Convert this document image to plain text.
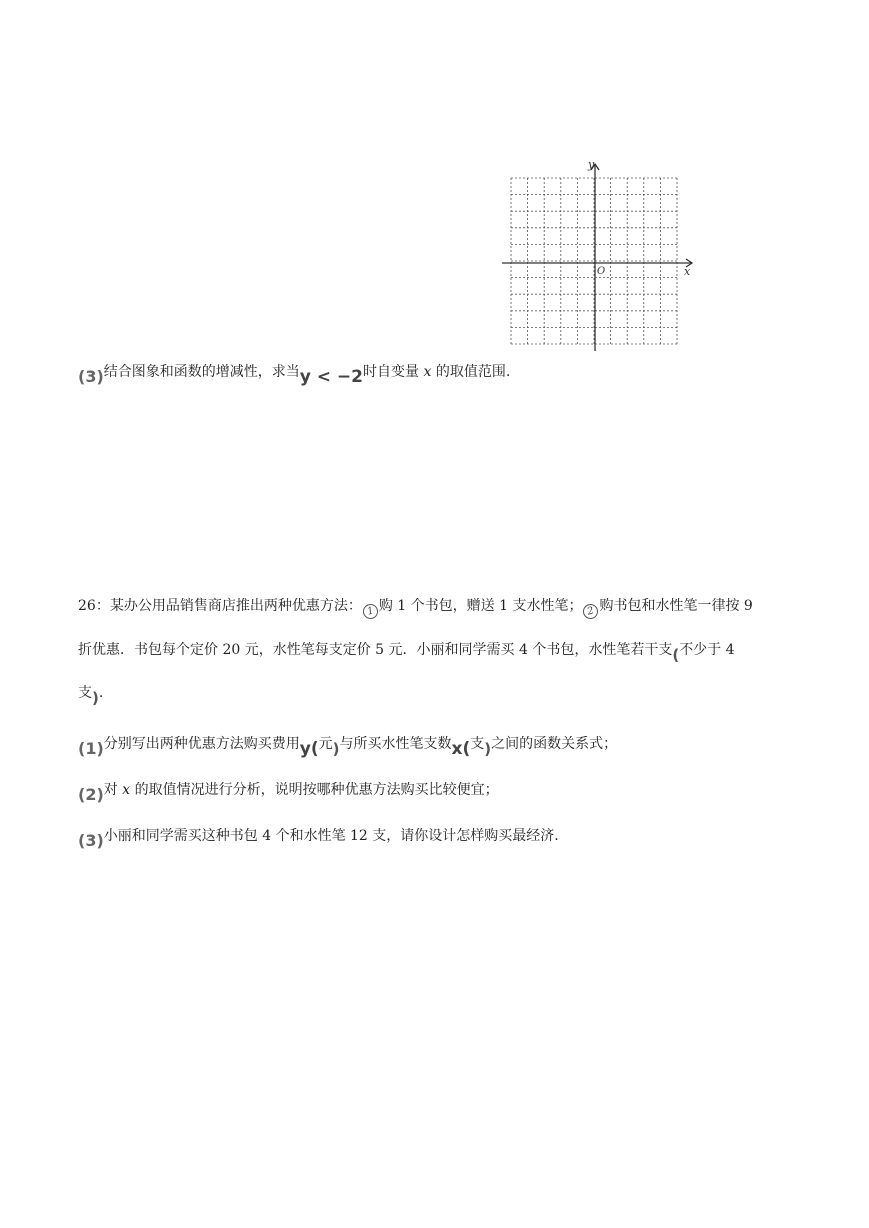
y
x
O
(3)结合图象和函数的增减性，求当y < −2时自变量 x 的取值范围.
26：某办公用品销售商店推出两种优惠方法： 1 购 1 个书包，赠送 1 支水性笔； 2 购书包和水性笔一律按 9
折优惠．书包每个定价 20 元，水性笔每支定价 5 元．小丽和同学需买 4 个书包，水性笔若干支(不少于 4
支).
(1)分别写出两种优惠方法购买费用y(元)与所买水性笔支数x(支)之间的函数关系式；
(2)对 x 的取值情况进行分析，说明按哪种优惠方法购买比较便宜；
(3)小丽和同学需买这种书包 4 个和水性笔 12 支，请你设计怎样购买最经济.
